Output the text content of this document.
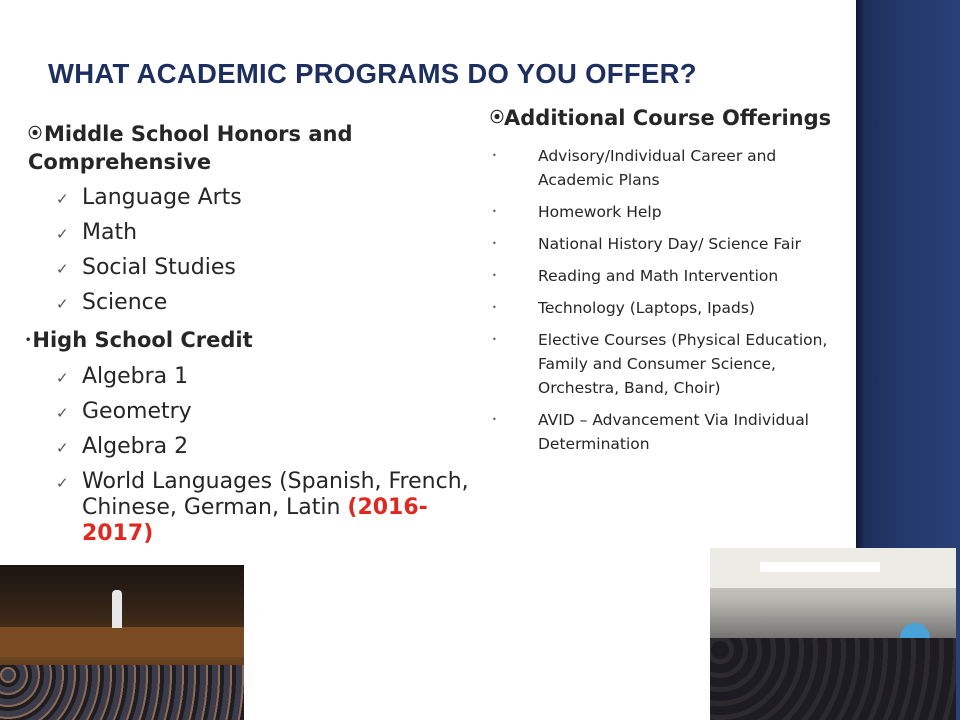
WHAT ACADEMIC PROGRAMS DO YOU OFFER?
⦿Middle School Honors and
Comprehensive
✓ Language Arts
✓ Math
✓ Social Studies
✓ Science
•High School Credit
✓ Algebra 1
✓ Geometry
✓ Algebra 2
✓ World Languages (Spanish, French, Chinese, German, Latin (2016-2017)
⦿Additional Course Offerings
•	Advisory/Individual Career and Academic Plans
•	Homework Help
•	National History Day/ Science Fair
•	Reading and Math Intervention
•	Technology (Laptops, Ipads)
•	Elective Courses (Physical Education, Family and Consumer Science, Orchestra, Band, Choir)
•	AVID – Advancement Via Individual Determination
